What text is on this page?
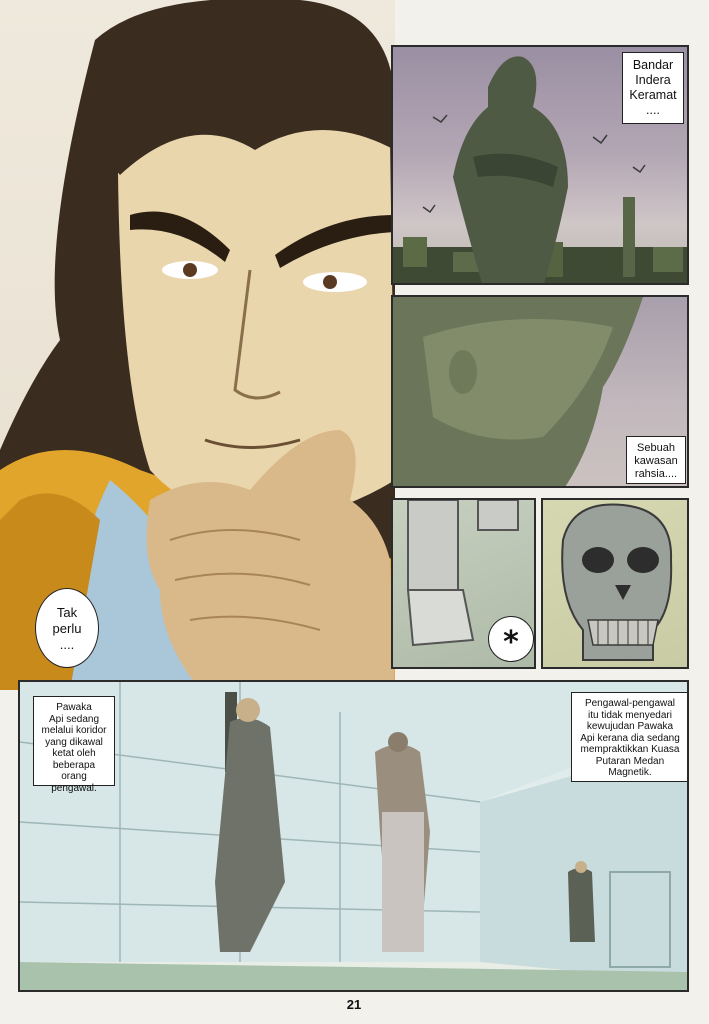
Bandar
Indera
Keramat
....
Sebuah
kawasan
rahsia....
*
Pawaka
Api sedang
melalui koridor
yang dikawal
ketat oleh
beberapa orang
pengawal.
Pengawal-pengawal
itu tidak menyedari
kewujudan Pawaka
Api kerana dia sedang
mempraktikkan Kuasa
Putaran Medan
Magnetik.
Tak
perlu
....
21
